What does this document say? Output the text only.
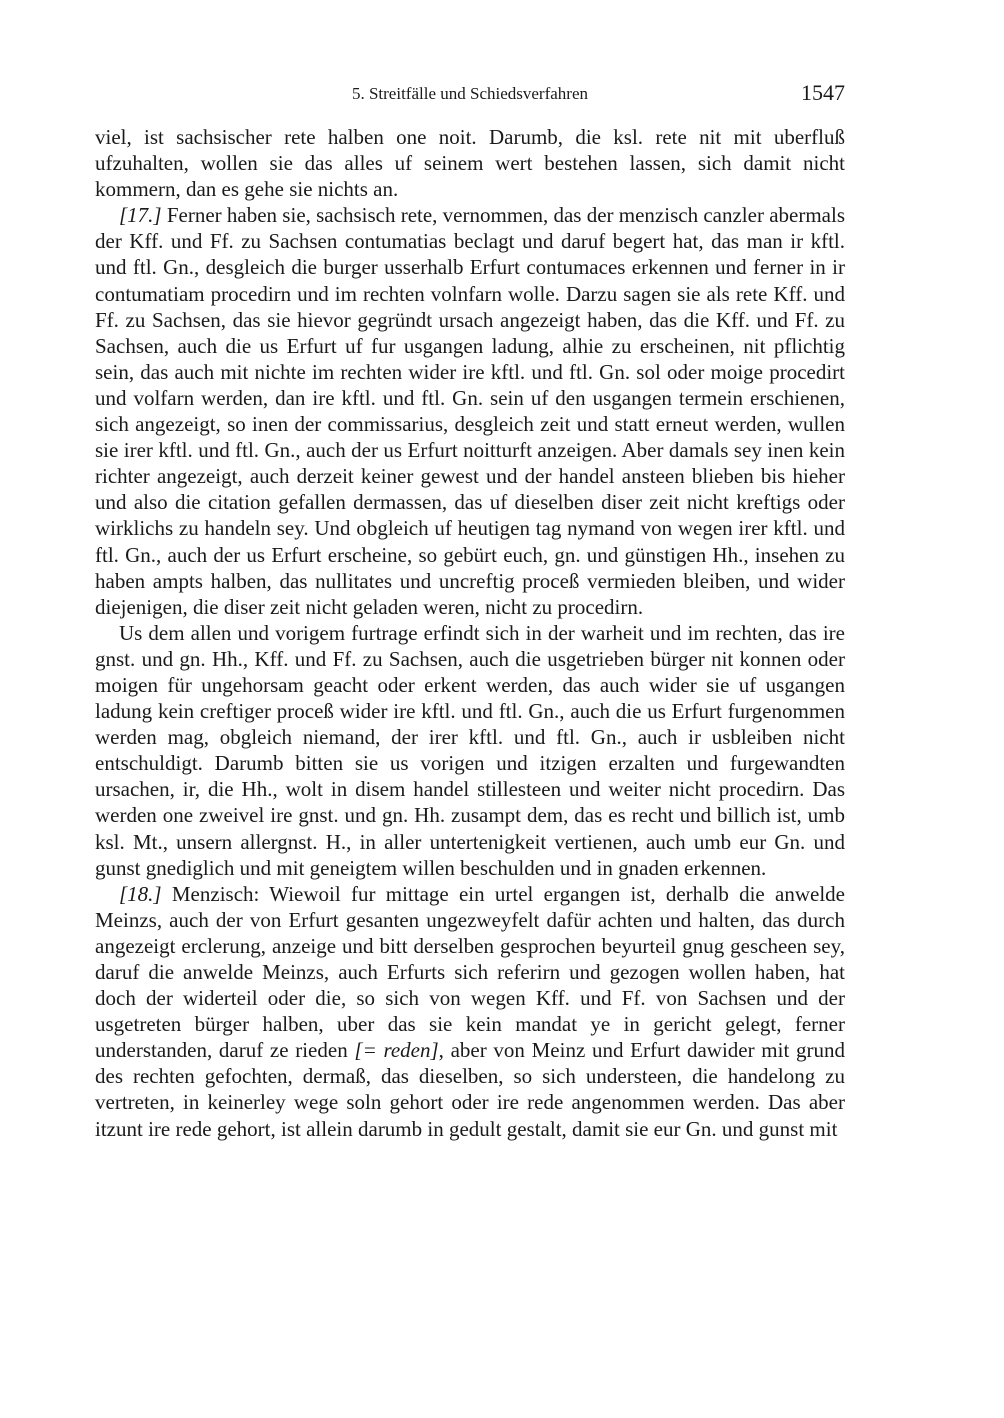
5. Streitfälle und Schiedsverfahren	1547

viel, ist sachsischer rete halben one noit. Darumb, die ksl. rete nit mit uberfluß ufzuhalten, wollen sie das alles uf seinem wert bestehen lassen, sich damit nicht kommern, dan es gehe sie nichts an.

[17.] Ferner haben sie, sachsisch rete, vernommen, das der menzisch canzler abermals der Kff. und Ff. zu Sachsen contumatias beclagt und daruf begert hat, das man ir kftl. und ftl. Gn., desgleich die burger usserhalb Erfurt contumaces erkennen und ferner in ir contumatiam procedirn und im rechten volnfarn wolle. Darzu sagen sie als rete Kff. und Ff. zu Sachsen, das sie hievor gegründt ursach angezeigt haben, das die Kff. und Ff. zu Sachsen, auch die us Erfurt uf fur usgangen ladung, alhie zu erscheinen, nit pflichtig sein, das auch mit nichte im rechten wider ire kftl. und ftl. Gn. sol oder moige procedirt und volfarn werden, dan ire kftl. und ftl. Gn. sein uf den usgangen termein erschienen, sich angezeigt, so inen der commissarius, desgleich zeit und statt erneut werden, wullen sie irer kftl. und ftl. Gn., auch der us Erfurt noitturft anzeigen. Aber damals sey inen kein richter angezeigt, auch derzeit keiner gewest und der handel ansteen blieben bis hieher und also die citation gefallen dermassen, das uf dieselben diser zeit nicht kreftigs oder wirklichs zu handeln sey. Und obgleich uf heutigen tag nymand von wegen irer kftl. und ftl. Gn., auch der us Erfurt erscheine, so gebürt euch, gn. und günstigen Hh., insehen zu haben ampts halben, das nullitates und uncreftig proceß vermieden bleiben, und wider diejenigen, die diser zeit nicht geladen weren, nicht zu procedirn.

Us dem allen und vorigem furtrage erfindt sich in der warheit und im rechten, das ire gnst. und gn. Hh., Kff. und Ff. zu Sachsen, auch die usgetrieben bürger nit konnen oder moigen für ungehorsam geacht oder erkent werden, das auch wider sie uf usgangen ladung kein creftiger proceß wider ire kftl. und ftl. Gn., auch die us Erfurt furgenommen werden mag, obgleich niemand, der irer kftl. und ftl. Gn., auch ir usbleiben nicht entschuldigt. Darumb bitten sie us vorigen und itzigen erzalten und furgewandten ursachen, ir, die Hh., wolt in disem handel stillesteen und weiter nicht procedirn. Das werden one zweivel ire gnst. und gn. Hh. zusampt dem, das es recht und billich ist, umb ksl. Mt., unsern allergnst. H., in aller untertenigkeit vertienen, auch umb eur Gn. und gunst gnediglich und mit geneigtem willen beschulden und in gnaden erkennen.

[18.] Menzisch: Wiewoil fur mittage ein urtel ergangen ist, derhalb die anwelde Meinzs, auch der von Erfurt gesanten ungezweyfelt dafür achten und halten, das durch angezeigt erclerung, anzeige und bitt derselben gesprochen beyurteil gnug gescheen sey, daruf die anwelde Meinzs, auch Erfurts sich referirn und gezogen wollen haben, hat doch der widerteil oder die, so sich von wegen Kff. und Ff. von Sachsen und der usgetreten bürger halben, uber das sie kein mandat ye in gericht gelegt, ferner understanden, daruf ze rieden [= reden], aber von Meinz und Erfurt dawider mit grund des rechten gefochten, dermaß, das dieselben, so sich understeen, die handelong zu vertreten, in keinerley wege soln gehort oder ire rede angenommen werden. Das aber itzunt ire rede gehort, ist allein darumb in gedult gestalt, damit sie eur Gn. und gunst mit
